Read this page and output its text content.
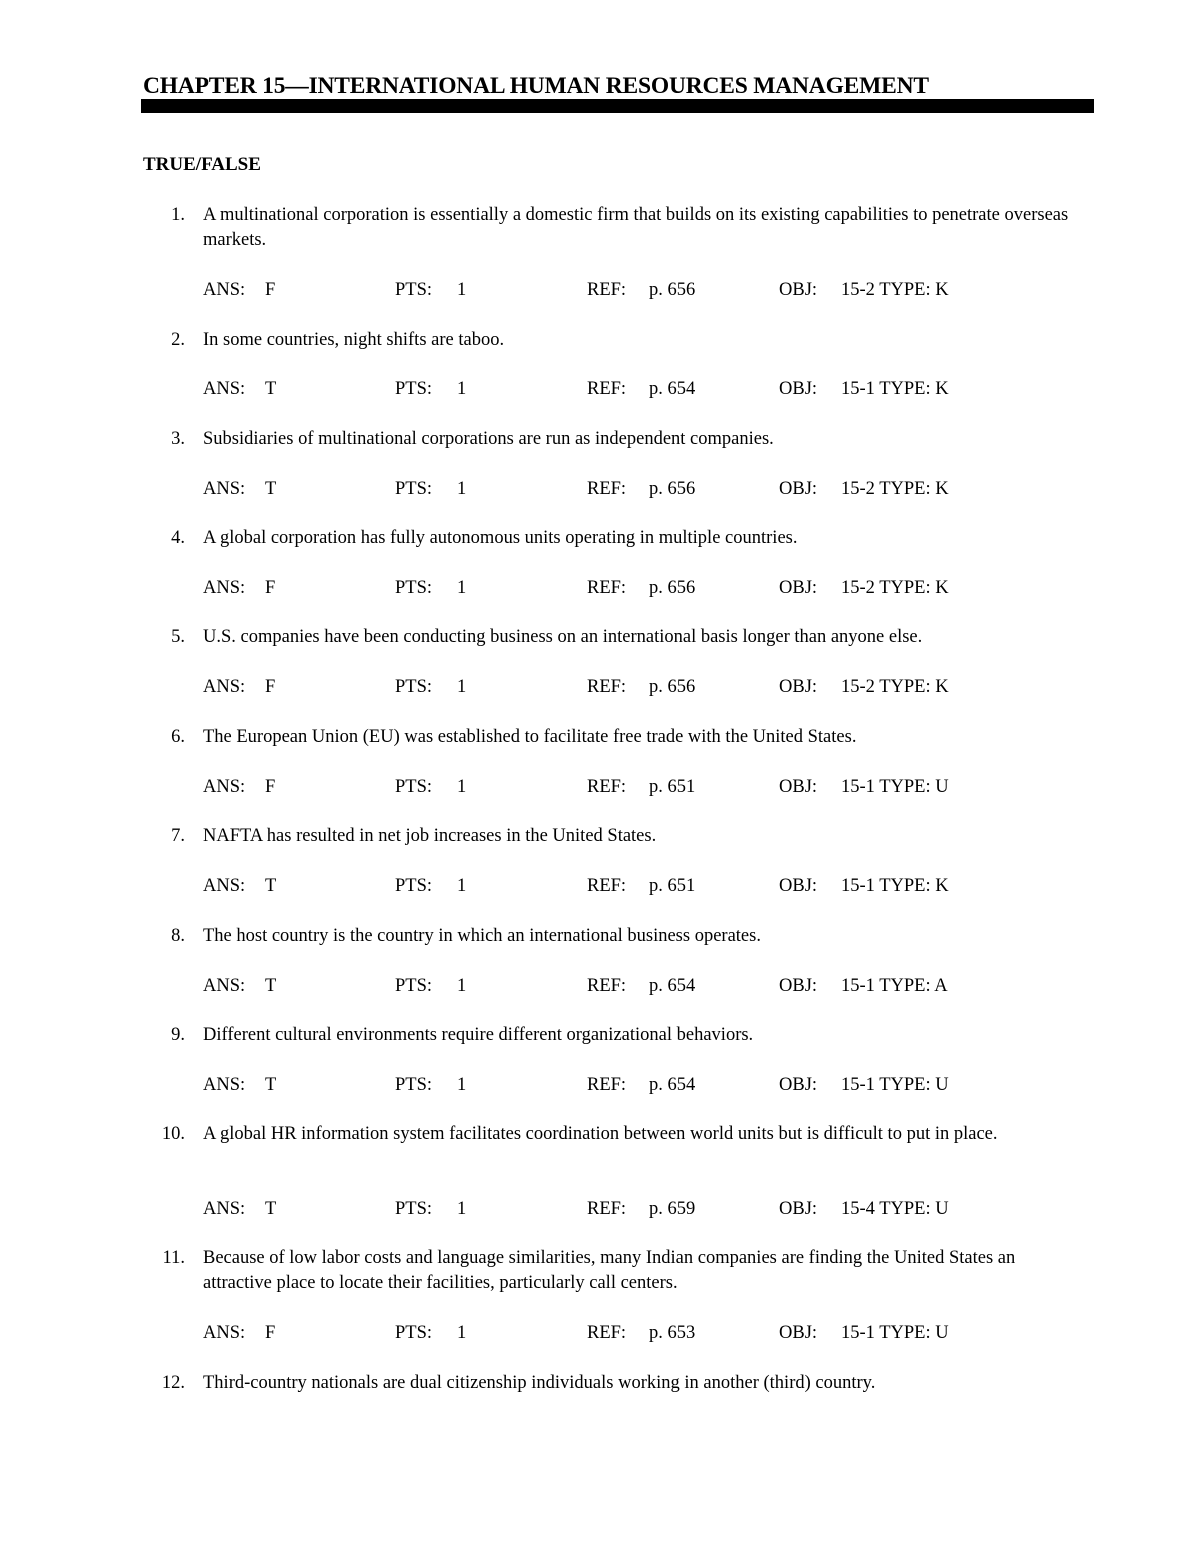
CHAPTER 15—INTERNATIONAL HUMAN RESOURCES MANAGEMENT
TRUE/FALSE
1. A multinational corporation is essentially a domestic firm that builds on its existing capabilities to penetrate overseas markets.
ANS: F	PTS: 1	REF: p. 656	OBJ: 15-2 TYPE: K
2. In some countries, night shifts are taboo.
ANS: T	PTS: 1	REF: p. 654	OBJ: 15-1 TYPE: K
3. Subsidiaries of multinational corporations are run as independent companies.
ANS: T	PTS: 1	REF: p. 656	OBJ: 15-2 TYPE: K
4. A global corporation has fully autonomous units operating in multiple countries.
ANS: F	PTS: 1	REF: p. 656	OBJ: 15-2 TYPE: K
5. U.S. companies have been conducting business on an international basis longer than anyone else.
ANS: F	PTS: 1	REF: p. 656	OBJ: 15-2 TYPE: K
6. The European Union (EU) was established to facilitate free trade with the United States.
ANS: F	PTS: 1	REF: p. 651	OBJ: 15-1 TYPE: U
7. NAFTA has resulted in net job increases in the United States.
ANS: T	PTS: 1	REF: p. 651	OBJ: 15-1 TYPE: K
8. The host country is the country in which an international business operates.
ANS: T	PTS: 1	REF: p. 654	OBJ: 15-1 TYPE: A
9. Different cultural environments require different organizational behaviors.
ANS: T	PTS: 1	REF: p. 654	OBJ: 15-1 TYPE: U
10. A global HR information system facilitates coordination between world units but is difficult to put in place.
ANS: T	PTS: 1	REF: p. 659	OBJ: 15-4 TYPE: U
11. Because of low labor costs and language similarities, many Indian companies are finding the United States an attractive place to locate their facilities, particularly call centers.
ANS: F	PTS: 1	REF: p. 653	OBJ: 15-1 TYPE: U
12. Third-country nationals are dual citizenship individuals working in another (third) country.
